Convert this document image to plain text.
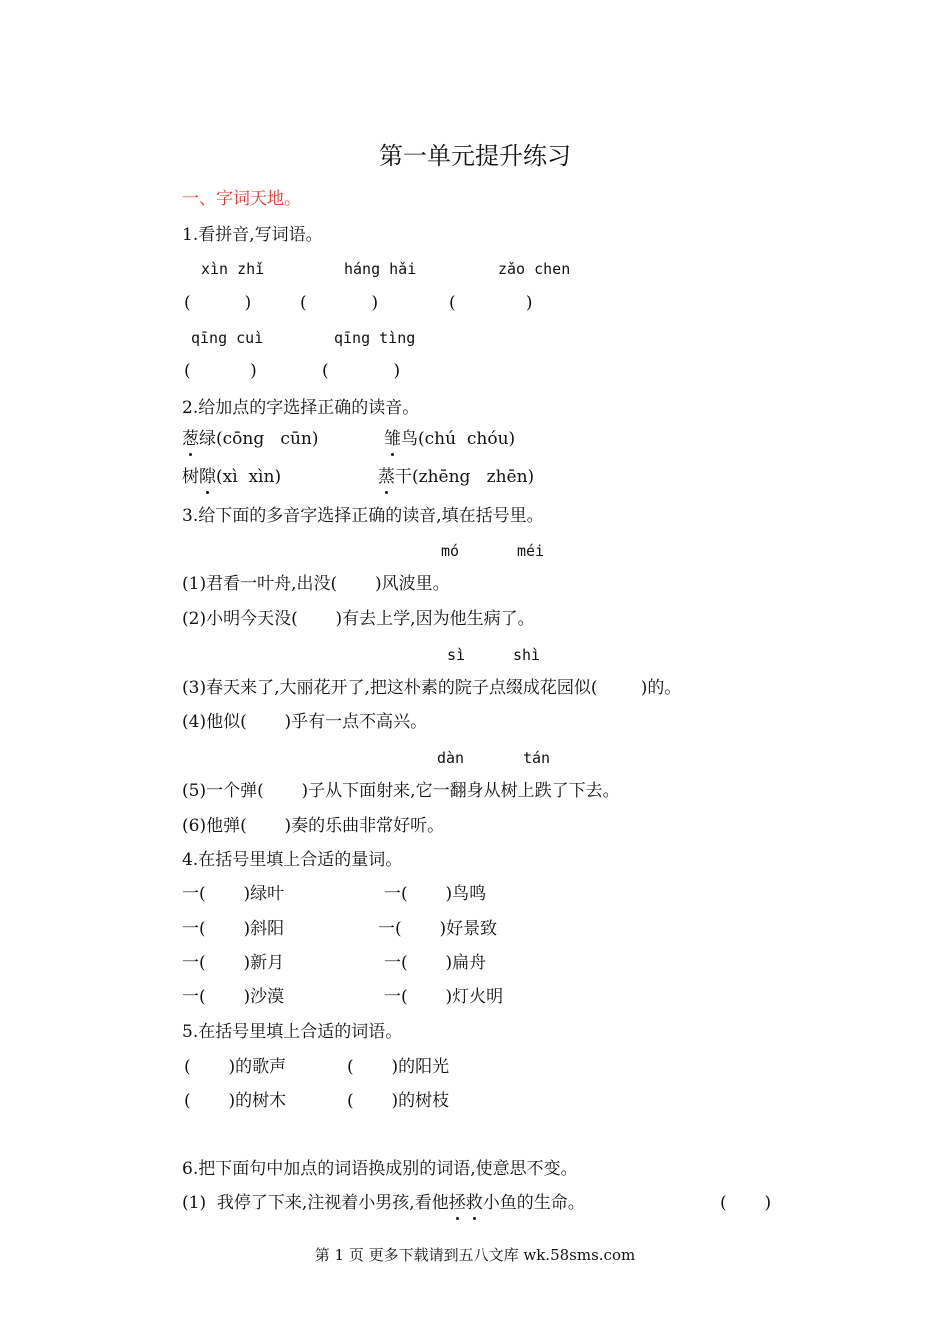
第一单元提升练习
一、字词天地。
1.看拼音,写词语。
xìn zhǐ	háng hǎi	zǎo chen
(          )	(            )	(             )
qīng cuì	qīng tìng
(           )	(            )
2.给加点的字选择正确的读音。
葱绿(cōng   cūn)	雏鸟(chú  chóu)
树隙(xì  xìn)	蒸干(zhēng   zhēn)
3.给下面的多音字选择正确的读音,填在括号里。
mó	méi
(1)君看一叶舟,出没(       )风波里。
(2)小明今天没(       )有去上学,因为他生病了。
sì	shì
(3)春天来了,大丽花开了,把这朴素的院子点缀成花园似(        )的。
(4)他似(       )乎有一点不高兴。
dàn	tán
(5)一个弹(       )子从下面射来,它一翻身从树上跌了下去。
(6)他弹(       )奏的乐曲非常好听。
4.在括号里填上合适的量词。
一(       )绿叶	一(       )鸟鸣
一(       )斜阳	一(       )好景致
一(       )新月	一(       )扁舟
一(       )沙漠	一(       )灯火明
5.在括号里填上合适的词语。
(       )的歌声	(       )的阳光
(       )的树木	(       )的树枝
6.把下面句中加点的词语换成别的词语,使意思不变。
(1)  我停了下来,注视着小男孩,看他拯救小鱼的生命。	(       )
第 1 页 更多下载请到五八文库 wk.58sms.com
